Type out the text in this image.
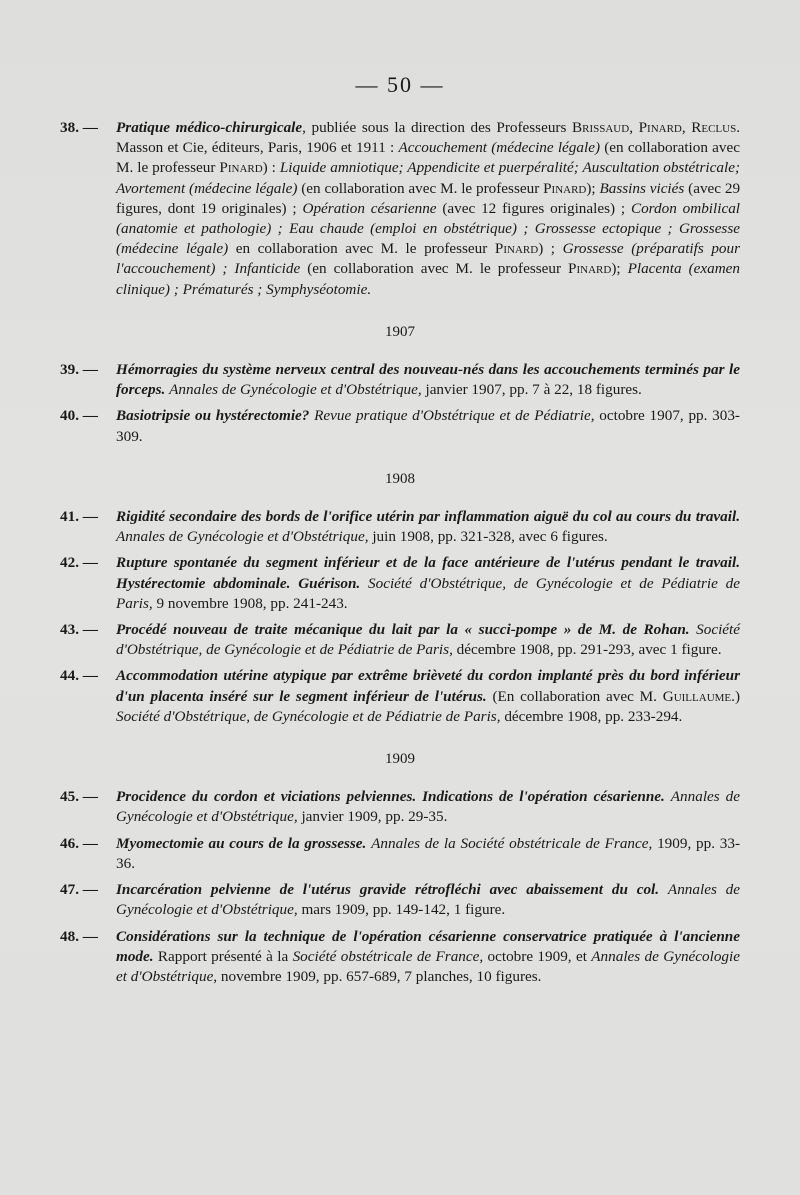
— 50 —
38. —	Pratique médico-chirurgicale, publiée sous la direction des Professeurs Brissaud, Pinard, Reclus. Masson et Cie, éditeurs, Paris, 1906 et 1911 : Accouchement (médecine légale) (en collaboration avec M. le professeur Pinard) : Liquide amniotique; Appendicite et puerpéralité; Auscultation obstétricale; Avortement (médecine légale) (en collaboration avec M. le professeur Pinard); Bassins viciés (avec 29 figures, dont 19 originales) ; Opération césarienne (avec 12 figures originales) ; Cordon ombilical (anatomie et pathologie) ; Eau chaude (emploi en obstétrique) ; Grossesse ectopique ; Grossesse (médecine légale) en collaboration avec M. le professeur Pinard) ; Grossesse (préparatifs pour l'accouchement) ; Infanticide (en collaboration avec M. le professeur Pinard); Placenta (examen clinique) ; Prématurés ; Symphyséotomie.
1907
39. —	Hémorragies du système nerveux central des nouveau-nés dans les accouchements terminés par le forceps. Annales de Gynécologie et d'Obstétrique, janvier 1907, pp. 7 à 22, 18 figures.
40. —	Basiotripsie ou hystérectomie? Revue pratique d'Obstétrique et de Pédiatrie, octobre 1907, pp. 303-309.
1908
41. —	Rigidité secondaire des bords de l'orifice utérin par inflammation aiguë du col au cours du travail. Annales de Gynécologie et d'Obstétrique, juin 1908, pp. 321-328, avec 6 figures.
42. —	Rupture spontanée du segment inférieur et de la face antérieure de l'utérus pendant le travail. Hystérectomie abdominale. Guérison. Société d'Obstétrique, de Gynécologie et de Pédiatrie de Paris, 9 novembre 1908, pp. 241-243.
43. —	Procédé nouveau de traite mécanique du lait par la « succi-pompe » de M. de Rohan. Société d'Obstétrique, de Gynécologie et de Pédiatrie de Paris, décembre 1908, pp. 291-293, avec 1 figure.
44. —	Accommodation utérine atypique par extrême brièveté du cordon implanté près du bord inférieur d'un placenta inséré sur le segment inférieur de l'utérus. (En collaboration avec M. Guillaume.) Société d'Obstétrique, de Gynécologie et de Pédiatrie de Paris, décembre 1908, pp. 233-294.
1909
45. —	Procidence du cordon et viciations pelviennes. Indications de l'opération césarienne. Annales de Gynécologie et d'Obstétrique, janvier 1909, pp. 29-35.
46. —	Myomectomie au cours de la grossesse. Annales de la Société obstétricale de France, 1909, pp. 33-36.
47. —	Incarcération pelvienne de l'utérus gravide rétrofléchi avec abaissement du col. Annales de Gynécologie et d'Obstétrique, mars 1909, pp. 149-142, 1 figure.
48. —	Considérations sur la technique de l'opération césarienne conservatrice pratiquée à l'ancienne mode. Rapport présenté à la Société obstétricale de France, octobre 1909, et Annales de Gynécologie et d'Obstétrique, novembre 1909, pp. 657-689, 7 planches, 10 figures.
